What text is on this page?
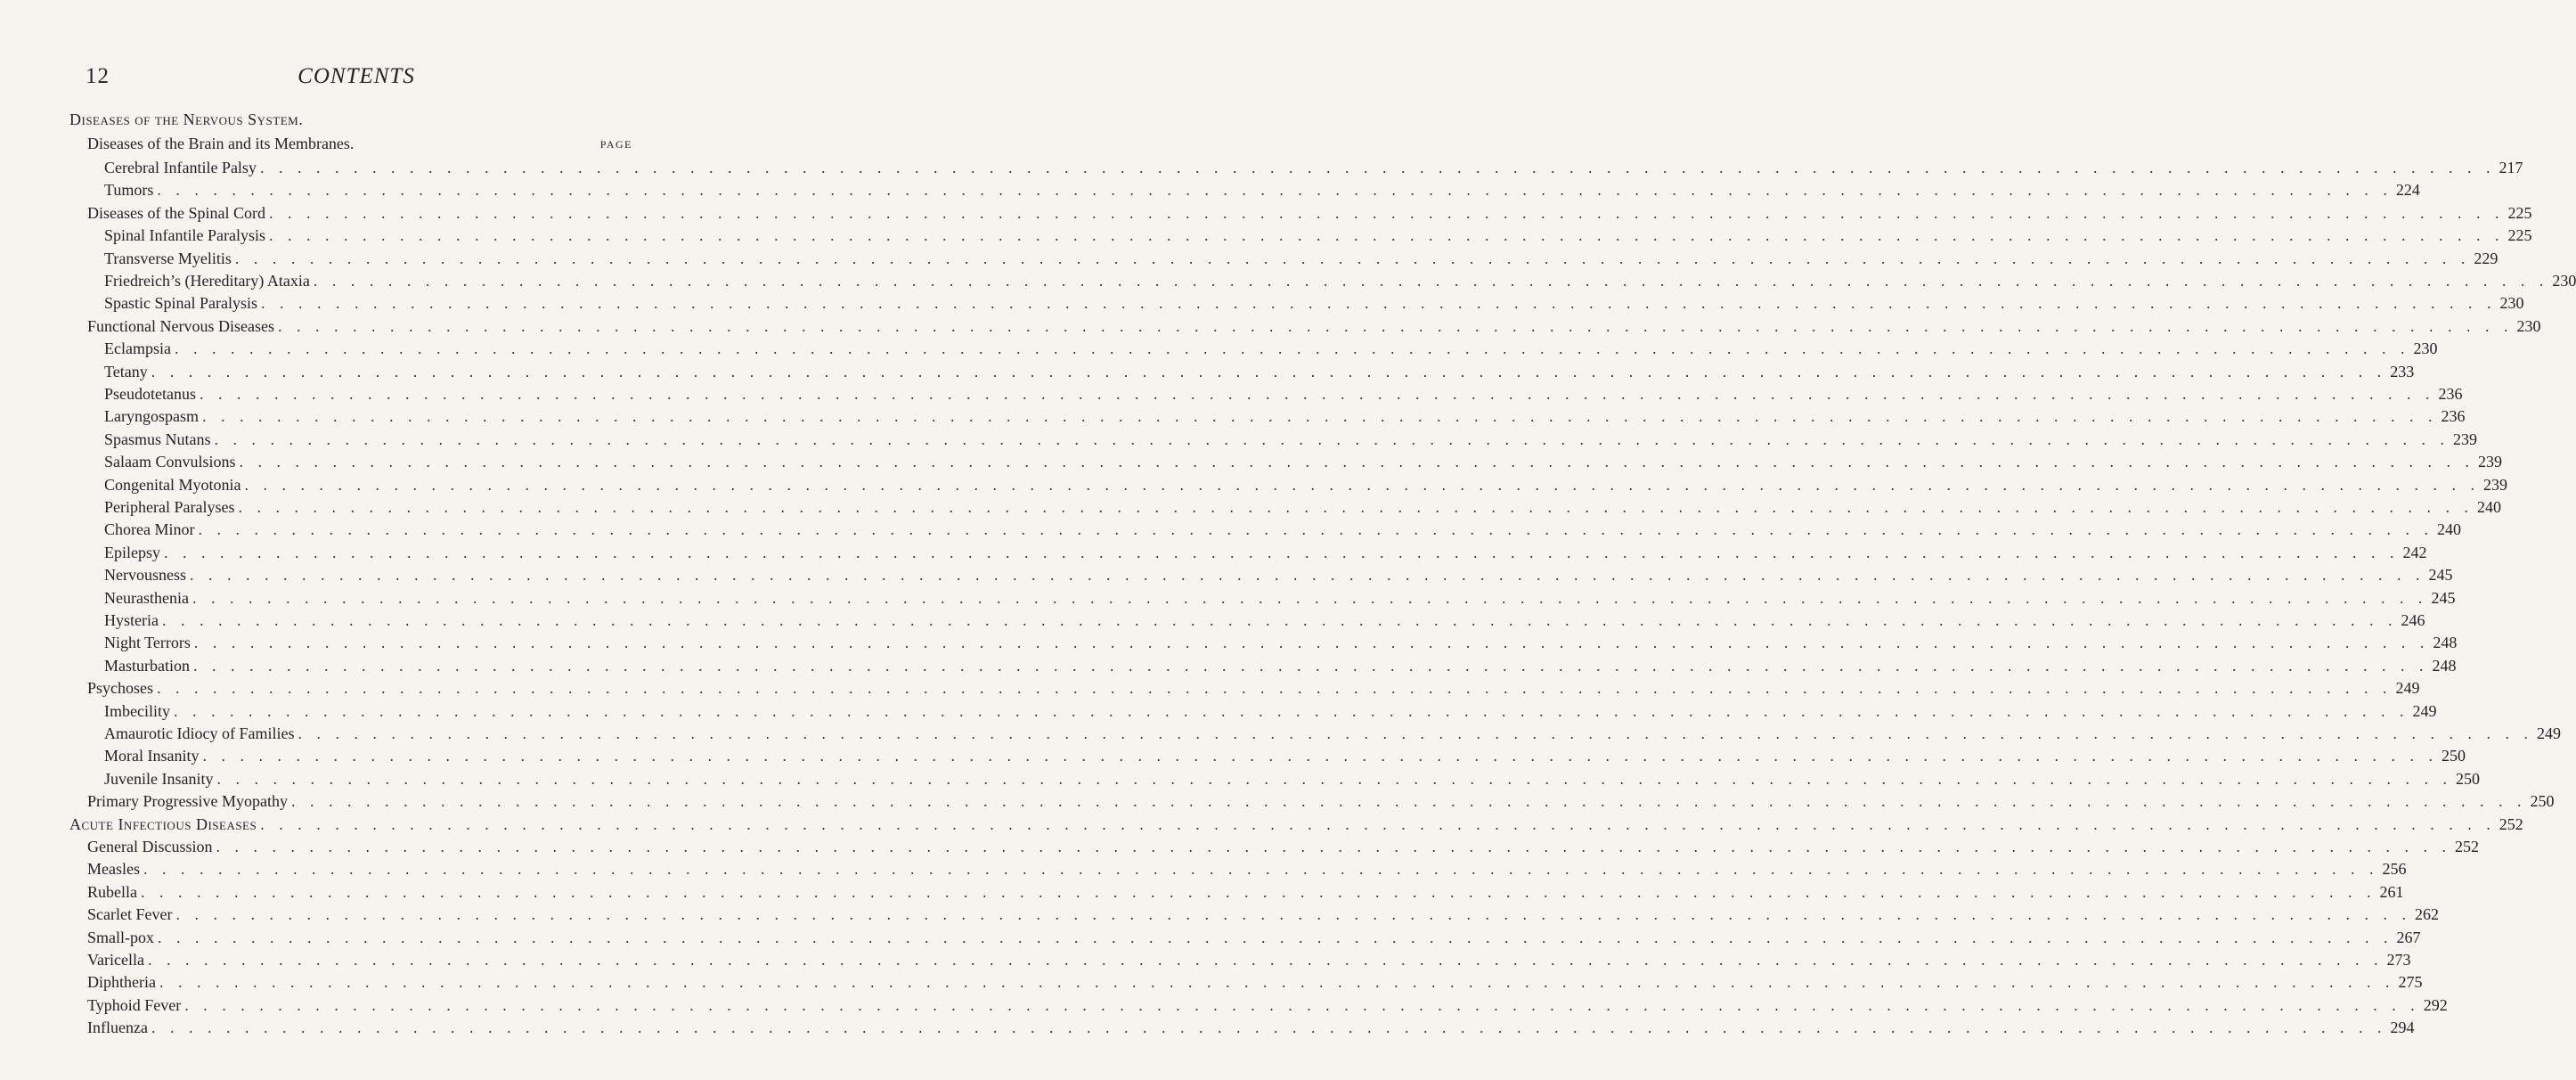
12	CONTENTS
Diseases of the Nervous System.
Diseases of the Brain and its Membranes.	PAGE
Cerebral Infantile Palsy . . . . . . . . . . . . . . . . . . . . . . . . . . . . . . . . . . . . . . . . . . . . . . . . . . . . . . . . . . . . . . . . . . . . . . . . . . . . . . . . . . . . . . . . . . . . . . . . . . . . . . . . . . . . . . . . . . . . . . . . 217
Tumors . . . . . . . . . . . . . . . . . . . . . . . . . . . . . . . . . . . . . . . . . . . . . . . . . . . . . . . . . . . . . . . . . . . . . . . . . . . . . . . . . . . . . . . . . . . . . . . . . . . . . . . . . . . . . . . . . . . . . . . . 224
Diseases of the Spinal Cord . . . . . . . . . . . . . . . . . . . . . . . . . . . . . . . . . . . . . . . . . . . . . . . . . . . . . . . . . . . . . . . . . . . . . . . . . . . . . . . . . . . . . . . . . . . . . . . . . . . . . . . . . . . . . . . . . . . . . . . . 225
Spinal Infantile Paralysis . . . . . . . . . . . . . . . . . . . . . . . . . . . . . . . . . . . . . . . . . . . . . . . . . . . . . . . . . . . . . . . . . . . . . . . . . . . . . . . . . . . . . . . . . . . . . . . . . . . . . . . . . . . . . . . . . . . . . . . . 225
Transverse Myelitis . . . . . . . . . . . . . . . . . . . . . . . . . . . . . . . . . . . . . . . . . . . . . . . . . . . . . . . . . . . . . . . . . . . . . . . . . . . . . . . . . . . . . . . . . . . . . . . . . . . . . . . . . . . . . . . . . . . . . . . . 229
Friedreich’s (Hereditary) Ataxia . . . . . . . . . . . . . . . . . . . . . . . . . . . . . . . . . . . . . . . . . . . . . . . . . . . . . . . . . . . . . . . . . . . . . . . . . . . . . . . . . . . . . . . . . . . . . . . . . . . . . . . . . . . . . . . . . . . . . . . . 230
Spastic Spinal Paralysis . . . . . . . . . . . . . . . . . . . . . . . . . . . . . . . . . . . . . . . . . . . . . . . . . . . . . . . . . . . . . . . . . . . . . . . . . . . . . . . . . . . . . . . . . . . . . . . . . . . . . . . . . . . . . . . . . . . . . . . . 230
Functional Nervous Diseases . . . . . . . . . . . . . . . . . . . . . . . . . . . . . . . . . . . . . . . . . . . . . . . . . . . . . . . . . . . . . . . . . . . . . . . . . . . . . . . . . . . . . . . . . . . . . . . . . . . . . . . . . . . . . . . . . . . . . . . . 230
Eclampsia . . . . . . . . . . . . . . . . . . . . . . . . . . . . . . . . . . . . . . . . . . . . . . . . . . . . . . . . . . . . . . . . . . . . . . . . . . . . . . . . . . . . . . . . . . . . . . . . . . . . . . . . . . . . . . . . . . . . . . . . 230
Tetany . . . . . . . . . . . . . . . . . . . . . . . . . . . . . . . . . . . . . . . . . . . . . . . . . . . . . . . . . . . . . . . . . . . . . . . . . . . . . . . . . . . . . . . . . . . . . . . . . . . . . . . . . . . . . . . . . . . . . . . . 233
Pseudotetanus . . . . . . . . . . . . . . . . . . . . . . . . . . . . . . . . . . . . . . . . . . . . . . . . . . . . . . . . . . . . . . . . . . . . . . . . . . . . . . . . . . . . . . . . . . . . . . . . . . . . . . . . . . . . . . . . . . . . . . . . 236
Laryngospasm . . . . . . . . . . . . . . . . . . . . . . . . . . . . . . . . . . . . . . . . . . . . . . . . . . . . . . . . . . . . . . . . . . . . . . . . . . . . . . . . . . . . . . . . . . . . . . . . . . . . . . . . . . . . . . . . . . . . . . . . 236
Spasmus Nutans . . . . . . . . . . . . . . . . . . . . . . . . . . . . . . . . . . . . . . . . . . . . . . . . . . . . . . . . . . . . . . . . . . . . . . . . . . . . . . . . . . . . . . . . . . . . . . . . . . . . . . . . . . . . . . . . . . . . . . . . 239
Salaam Convulsions . . . . . . . . . . . . . . . . . . . . . . . . . . . . . . . . . . . . . . . . . . . . . . . . . . . . . . . . . . . . . . . . . . . . . . . . . . . . . . . . . . . . . . . . . . . . . . . . . . . . . . . . . . . . . . . . . . . . . . . . 239
Congenital Myotonia . . . . . . . . . . . . . . . . . . . . . . . . . . . . . . . . . . . . . . . . . . . . . . . . . . . . . . . . . . . . . . . . . . . . . . . . . . . . . . . . . . . . . . . . . . . . . . . . . . . . . . . . . . . . . . . . . . . . . . . . 239
Peripheral Paralyses . . . . . . . . . . . . . . . . . . . . . . . . . . . . . . . . . . . . . . . . . . . . . . . . . . . . . . . . . . . . . . . . . . . . . . . . . . . . . . . . . . . . . . . . . . . . . . . . . . . . . . . . . . . . . . . . . . . . . . . . 240
Chorea Minor . . . . . . . . . . . . . . . . . . . . . . . . . . . . . . . . . . . . . . . . . . . . . . . . . . . . . . . . . . . . . . . . . . . . . . . . . . . . . . . . . . . . . . . . . . . . . . . . . . . . . . . . . . . . . . . . . . . . . . . . 240
Epilepsy . . . . . . . . . . . . . . . . . . . . . . . . . . . . . . . . . . . . . . . . . . . . . . . . . . . . . . . . . . . . . . . . . . . . . . . . . . . . . . . . . . . . . . . . . . . . . . . . . . . . . . . . . . . . . . . . . . . . . . . . 242
Nervousness . . . . . . . . . . . . . . . . . . . . . . . . . . . . . . . . . . . . . . . . . . . . . . . . . . . . . . . . . . . . . . . . . . . . . . . . . . . . . . . . . . . . . . . . . . . . . . . . . . . . . . . . . . . . . . . . . . . . . . . . 245
Neurasthenia . . . . . . . . . . . . . . . . . . . . . . . . . . . . . . . . . . . . . . . . . . . . . . . . . . . . . . . . . . . . . . . . . . . . . . . . . . . . . . . . . . . . . . . . . . . . . . . . . . . . . . . . . . . . . . . . . . . . . . . . 245
Hysteria . . . . . . . . . . . . . . . . . . . . . . . . . . . . . . . . . . . . . . . . . . . . . . . . . . . . . . . . . . . . . . . . . . . . . . . . . . . . . . . . . . . . . . . . . . . . . . . . . . . . . . . . . . . . . . . . . . . . . . . . 246
Night Terrors . . . . . . . . . . . . . . . . . . . . . . . . . . . . . . . . . . . . . . . . . . . . . . . . . . . . . . . . . . . . . . . . . . . . . . . . . . . . . . . . . . . . . . . . . . . . . . . . . . . . . . . . . . . . . . . . . . . . . . . . 248
Masturbation . . . . . . . . . . . . . . . . . . . . . . . . . . . . . . . . . . . . . . . . . . . . . . . . . . . . . . . . . . . . . . . . . . . . . . . . . . . . . . . . . . . . . . . . . . . . . . . . . . . . . . . . . . . . . . . . . . . . . . . . 248
Psychoses . . . . . . . . . . . . . . . . . . . . . . . . . . . . . . . . . . . . . . . . . . . . . . . . . . . . . . . . . . . . . . . . . . . . . . . . . . . . . . . . . . . . . . . . . . . . . . . . . . . . . . . . . . . . . . . . . . . . . . . . 249
Imbecility . . . . . . . . . . . . . . . . . . . . . . . . . . . . . . . . . . . . . . . . . . . . . . . . . . . . . . . . . . . . . . . . . . . . . . . . . . . . . . . . . . . . . . . . . . . . . . . . . . . . . . . . . . . . . . . . . . . . . . . . 249
Amaurotic Idiocy of Families . . . . . . . . . . . . . . . . . . . . . . . . . . . . . . . . . . . . . . . . . . . . . . . . . . . . . . . . . . . . . . . . . . . . . . . . . . . . . . . . . . . . . . . . . . . . . . . . . . . . . . . . . . . . . . . . . . . . . . . . 249
Moral Insanity . . . . . . . . . . . . . . . . . . . . . . . . . . . . . . . . . . . . . . . . . . . . . . . . . . . . . . . . . . . . . . . . . . . . . . . . . . . . . . . . . . . . . . . . . . . . . . . . . . . . . . . . . . . . . . . . . . . . . . . . 250
Juvenile Insanity . . . . . . . . . . . . . . . . . . . . . . . . . . . . . . . . . . . . . . . . . . . . . . . . . . . . . . . . . . . . . . . . . . . . . . . . . . . . . . . . . . . . . . . . . . . . . . . . . . . . . . . . . . . . . . . . . . . . . . . . 250
Primary Progressive Myopathy . . . . . . . . . . . . . . . . . . . . . . . . . . . . . . . . . . . . . . . . . . . . . . . . . . . . . . . . . . . . . . . . . . . . . . . . . . . . . . . . . . . . . . . . . . . . . . . . . . . . . . . . . . . . . . . . . . . . . . . . 250
Acute Infectious Diseases . . . . . . . . . . . . . . . . . . . . . . . . . . . . . . . . . . . . . . . . . . . . . . . . . . . . . . . . . . . . . . . . . . . . . . . . . . . . . . . . . . . . . . . . . . . . . . . . . . . . . . . . . . . . . . . . . . . . . . . . 252
General Discussion . . . . . . . . . . . . . . . . . . . . . . . . . . . . . . . . . . . . . . . . . . . . . . . . . . . . . . . . . . . . . . . . . . . . . . . . . . . . . . . . . . . . . . . . . . . . . . . . . . . . . . . . . . . . . . . . . . . . . . . . 252
Measles . . . . . . . . . . . . . . . . . . . . . . . . . . . . . . . . . . . . . . . . . . . . . . . . . . . . . . . . . . . . . . . . . . . . . . . . . . . . . . . . . . . . . . . . . . . . . . . . . . . . . . . . . . . . . . . . . . . . . . . . 256
Rubella . . . . . . . . . . . . . . . . . . . . . . . . . . . . . . . . . . . . . . . . . . . . . . . . . . . . . . . . . . . . . . . . . . . . . . . . . . . . . . . . . . . . . . . . . . . . . . . . . . . . . . . . . . . . . . . . . . . . . . . . 261
Scarlet Fever . . . . . . . . . . . . . . . . . . . . . . . . . . . . . . . . . . . . . . . . . . . . . . . . . . . . . . . . . . . . . . . . . . . . . . . . . . . . . . . . . . . . . . . . . . . . . . . . . . . . . . . . . . . . . . . . . . . . . . . . 262
Small-pox . . . . . . . . . . . . . . . . . . . . . . . . . . . . . . . . . . . . . . . . . . . . . . . . . . . . . . . . . . . . . . . . . . . . . . . . . . . . . . . . . . . . . . . . . . . . . . . . . . . . . . . . . . . . . . . . . . . . . . . . 267
Varicella . . . . . . . . . . . . . . . . . . . . . . . . . . . . . . . . . . . . . . . . . . . . . . . . . . . . . . . . . . . . . . . . . . . . . . . . . . . . . . . . . . . . . . . . . . . . . . . . . . . . . . . . . . . . . . . . . . . . . . . . 273
Diphtheria . . . . . . . . . . . . . . . . . . . . . . . . . . . . . . . . . . . . . . . . . . . . . . . . . . . . . . . . . . . . . . . . . . . . . . . . . . . . . . . . . . . . . . . . . . . . . . . . . . . . . . . . . . . . . . . . . . . . . . . . 275
Typhoid Fever . . . . . . . . . . . . . . . . . . . . . . . . . . . . . . . . . . . . . . . . . . . . . . . . . . . . . . . . . . . . . . . . . . . . . . . . . . . . . . . . . . . . . . . . . . . . . . . . . . . . . . . . . . . . . . . . . . . . . . . . 292
Influenza . . . . . . . . . . . . . . . . . . . . . . . . . . . . . . . . . . . . . . . . . . . . . . . . . . . . . . . . . . . . . . . . . . . . . . . . . . . . . . . . . . . . . . . . . . . . . . . . . . . . . . . . . . . . . . . . . . . . . . . . 294
